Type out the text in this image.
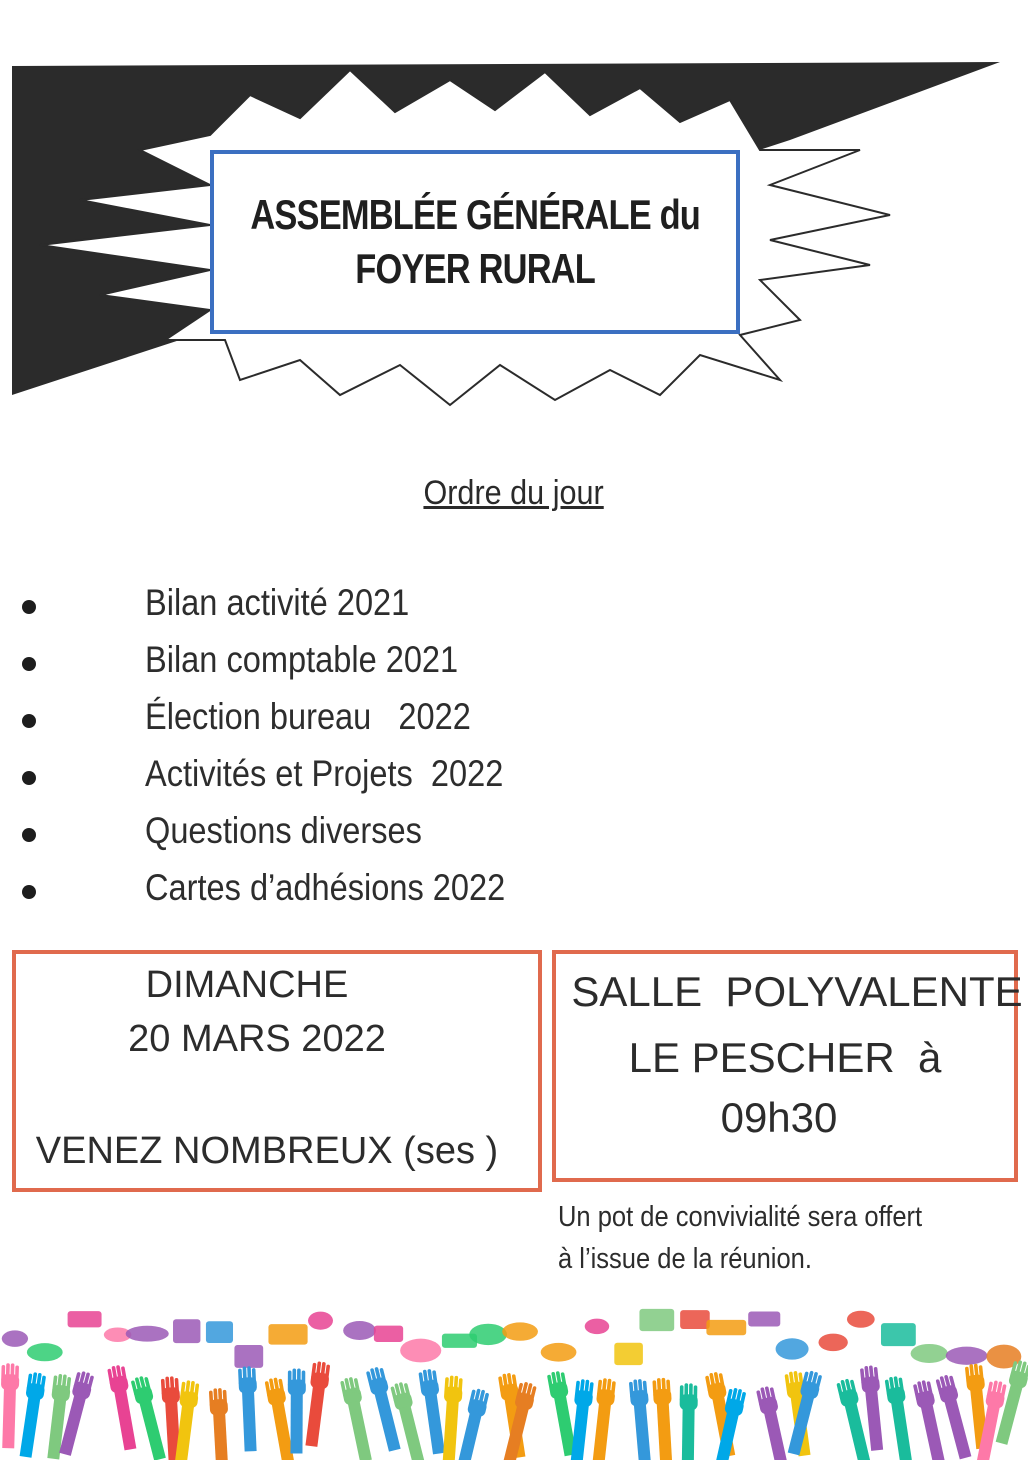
ASSEMBLÉE GÉNÉRALE du
FOYER RURAL
Ordre du jour
Bilan activité 2021
Bilan comptable 2021
Élection bureau   2022
Activités et Projets  2022
Questions diverses
Cartes d’adhésions 2022
DIMANCHE
20 MARS 2022
VENEZ NOMBREUX (ses )
SALLE  POLYVALENTE
LE PESCHER  à
09h30
Un pot de convivialité sera offert
à l’issue de la réunion.
